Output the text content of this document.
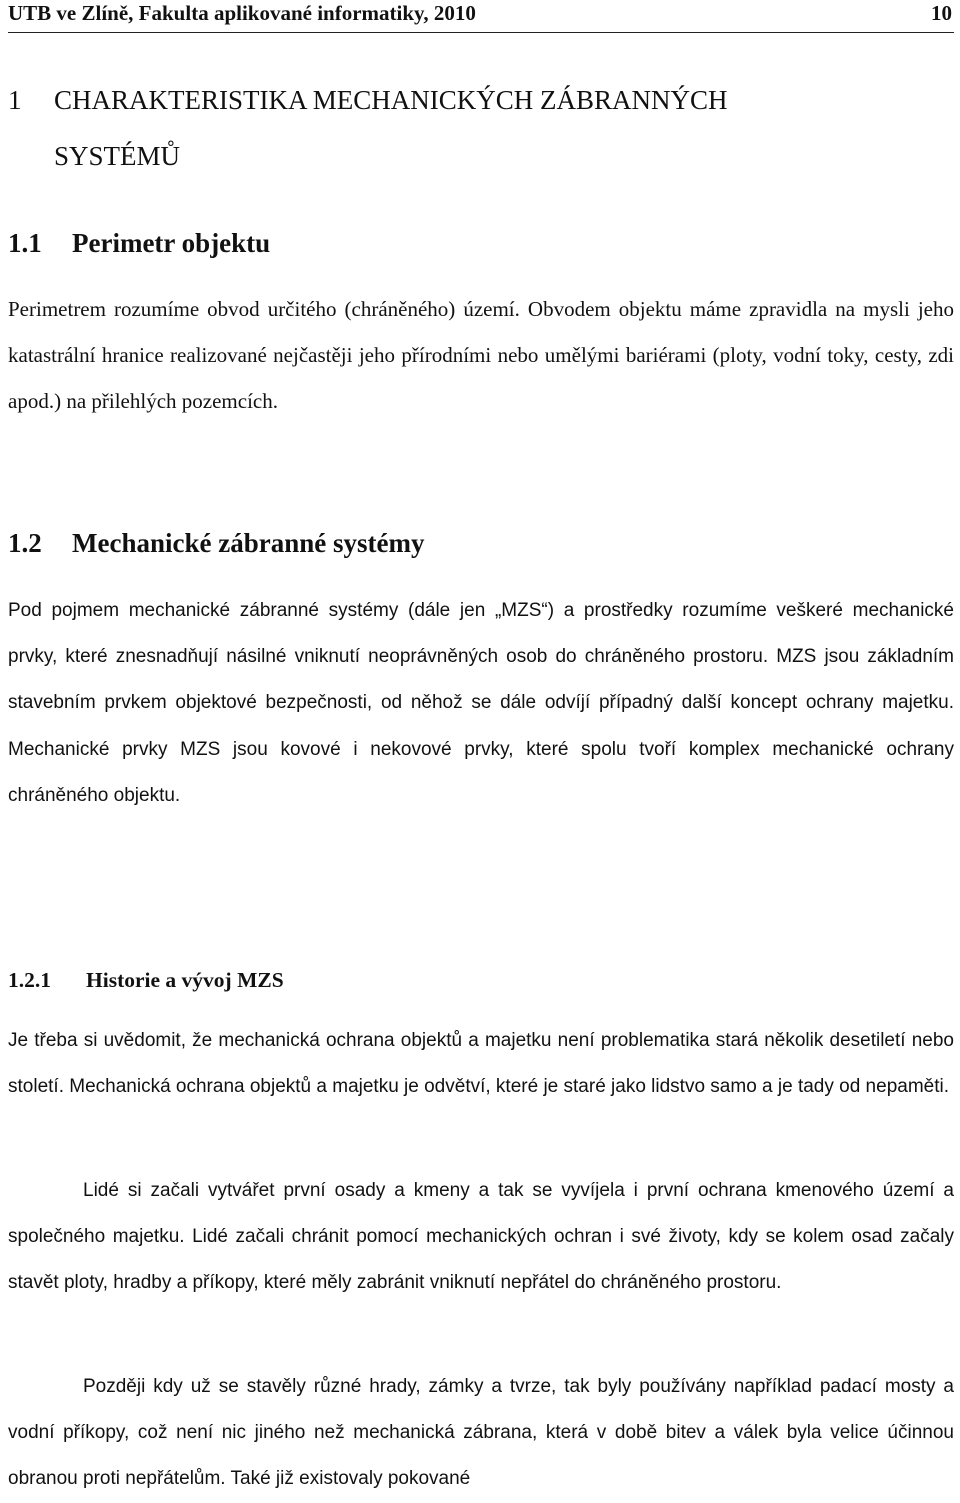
UTB ve Zlíně, Fakulta aplikované informatiky, 2010	10
1 CHARAKTERISTIKA MECHANICKÝCH ZÁBRANNÝCH SYSTÉMŮ
1.1 Perimetr objektu
Perimetrem rozumíme obvod určitého (chráněného) území. Obvodem objektu máme zpravidla na mysli jeho katastrální hranice realizované nejčastěji jeho přírodními nebo umělými bariérami (ploty, vodní toky, cesty, zdi apod.) na přilehlých pozemcích.
1.2 Mechanické zábranné systémy
Pod pojmem mechanické zábranné systémy (dále jen „MZS“) a prostředky rozumíme veškeré mechanické prvky, které znesnadňují násilné vniknutí neoprávněných osob do chráněného prostoru. MZS jsou základním stavebním prvkem objektové bezpečnosti, od něhož se dále odvíjí případný další koncept ochrany majetku. Mechanické prvky MZS jsou kovové i nekovové prvky, které spolu tvoří komplex mechanické ochrany chráněného objektu.
1.2.1 Historie a vývoj MZS
Je třeba si uvědomit, že mechanická ochrana objektů a majetku není problematika stará několik desetiletí nebo století. Mechanická ochrana objektů a majetku je odvětví, které je staré jako lidstvo samo a je tady od nepaměti.
Lidé si začali vytvářet první osady a kmeny a tak se vyvíjela i první ochrana kmenového území a společného majetku. Lidé začali chránit pomocí mechanických ochran i své životy, kdy se kolem osad začaly stavět ploty, hradby a příkopy, které měly zabránit vniknutí nepřátel do chráněného prostoru.
Později kdy už se stavěly různé hrady, zámky a tvrze, tak byly používány například padací mosty a vodní příkopy, což není nic jiného než mechanická zábrana, která v době bitev a válek byla velice účinnou obranou proti nepřátelům. Také již existovaly pokované
